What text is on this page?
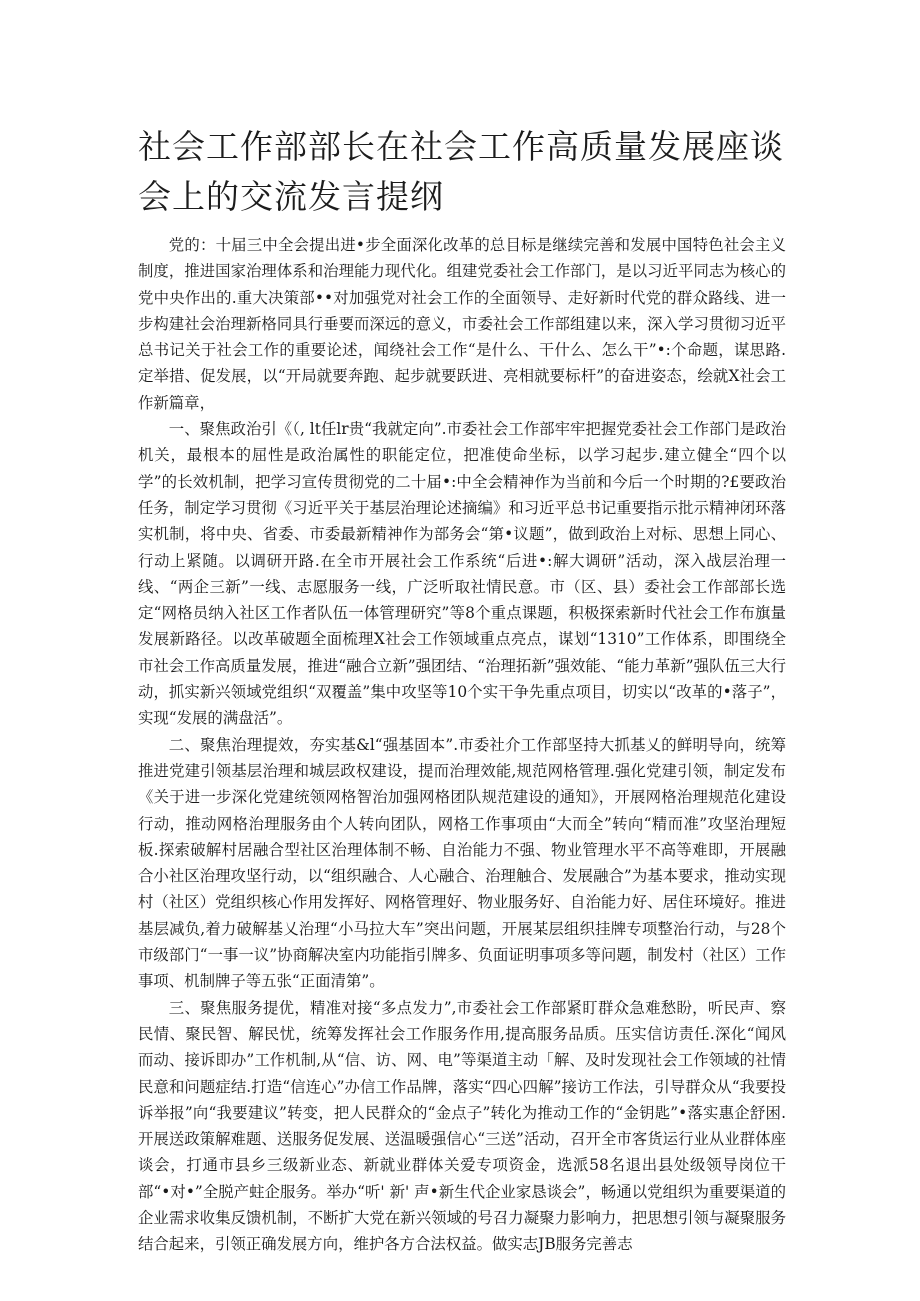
社会工作部部长在社会工作高质量发展座谈会上的交流发言提纲

党的：十届三中全会提出进•步全面深化改革的总目标是继续完善和发展中国特色社会主义制度，推进国家治理体系和治理能力现代化。组建党委社会工作部门，是以习近平同志为核心的党中央作出的.重大决策部••对加强党对社会工作的全面领导、走好新时代党的群众路线、进一步构建社会治理新格同具行垂要而深远的意义，市委社会工作部组建以来，深入学习贯彻习近平总书记关于社会工作的重要论述，闻绕社会工作“是什么、干什么、怎么干”•:个命题，谋思路.定举措、促发展，以“开局就要奔跑、起步就要跃进、亮相就要标杆”的奋进姿态，绘就X社会工作新篇章，

一、聚焦政治引《（, lt任lr贵“我就定向”.市委社会工作部牢牢把握党委社会工作部门是政治机关，最根本的屈性是政治属性的职能定位，把准使命坐标，以学习起步.建立健全“四个以学”的长效机制，把学习宣传贯彻党的二十届•:中全会精神作为当前和今后一个时期的?£要政治任务，制定学习贯彻《习近平关于基层治理论述摘编》和习近平总书记重要指示批示精神闭环落实机制，将中央、省委、市委最新精神作为部务会“第•议题”，做到政治上对标、思想上同心、行动上紧随。以调研开路.在全市开展社会工作系统“后进•:解大调研”活动，深入战层治理一线、“两企三新”一线、志愿服务一线，广泛听取社情民意。市（区、县）委社会工作部部长选定“网格员纳入社区工作者队伍一体管理研究”等8个重点课题，积极探索新时代社会工作布旗量发展新路径。以改革破题全面梳理X社会工作领域重点亮点，谋划“1310”工作体系，即围绕全市社会工作高质量发展，推进“融合立新”强团结、“治理拓新”强效能、“能力革新”强队伍三大行动，抓实新兴领域党组织“双覆盖”集中攻坚等10个实干争先重点项目，切实以“改革的•落子”，实现“发展的满盘活”。

二、聚焦治理提效，夯实基&l“强基固本”.市委社介工作部坚持大抓基乂的鲜明导向，统筹推进党建引领基层治理和城层政权建设，提而治理效能,规范网格管理.强化党建引领，制定发布《关于进一步深化党建统领网格智治加强网格团队规范建设的通知》，开展网格治理规范化建设行动，推动网格治理服务由个人转向团队，网格工作事项由“大而全”转向“精而准”攻坚治理短板.探索破解村居融合型社区治理体制不畅、自治能力不强、物业管理水平不高等难即，开展融合小社区治理攻坚行动，以“组织融合、人心融合、治理触合、发展融合”为基本要求，推动实现村（社区）党组织核心作用发挥好、网格管理好、物业服务好、自治能力好、居住环境好。推进基层减负,着力破解基乂治理“小马拉大车”突出问题，开展某层组织挂牌专项整治行动，与28个市级部门“一事一议”协商解决室内功能指引牌多、负面证明事项多等问题，制发村（社区）工作事项、机制牌子等五张“正面清第”。

三、聚焦服务提优，精准对接“多点发力”,市委社会工作部紧盯群众急难愁盼，听民声、察民情、聚民智、解民忧，统筹发挥社会工作服务作用,提高服务品质。压实信访责任.深化“闻风而动、接诉即办”工作机制,从“信、访、网、电”等渠道主动「解、及时发现社会工作领域的社情民意和问题症结.打造“信连心”办信工作品牌，落实“四心四解”接访工作法，引导群众从“我要投诉举报”向“我要建议”转变，把人民群众的“金点子”转化为推动工作的“金钥匙”•落实惠企舒困.开展送政策解难题、送服务促发展、送温暖强信心“三送”活动，召开全市客货运行业从业群体座谈会，打通市县乡三级新业态、新就业群体关爱专项资金，选派58名退出县处级领导岗位干部“•对•”全脱产蛀企服务。举办“听' 新' 声•新生代企业家恳谈会”，畅通以党组织为重要渠道的企业需求收集反馈机制，不断扩大党在新兴领域的号召力凝聚力影响力，把思想引领与凝聚服务结合起来，引领正确发展方向，维护各方合法权益。做实志JB服务完善志
